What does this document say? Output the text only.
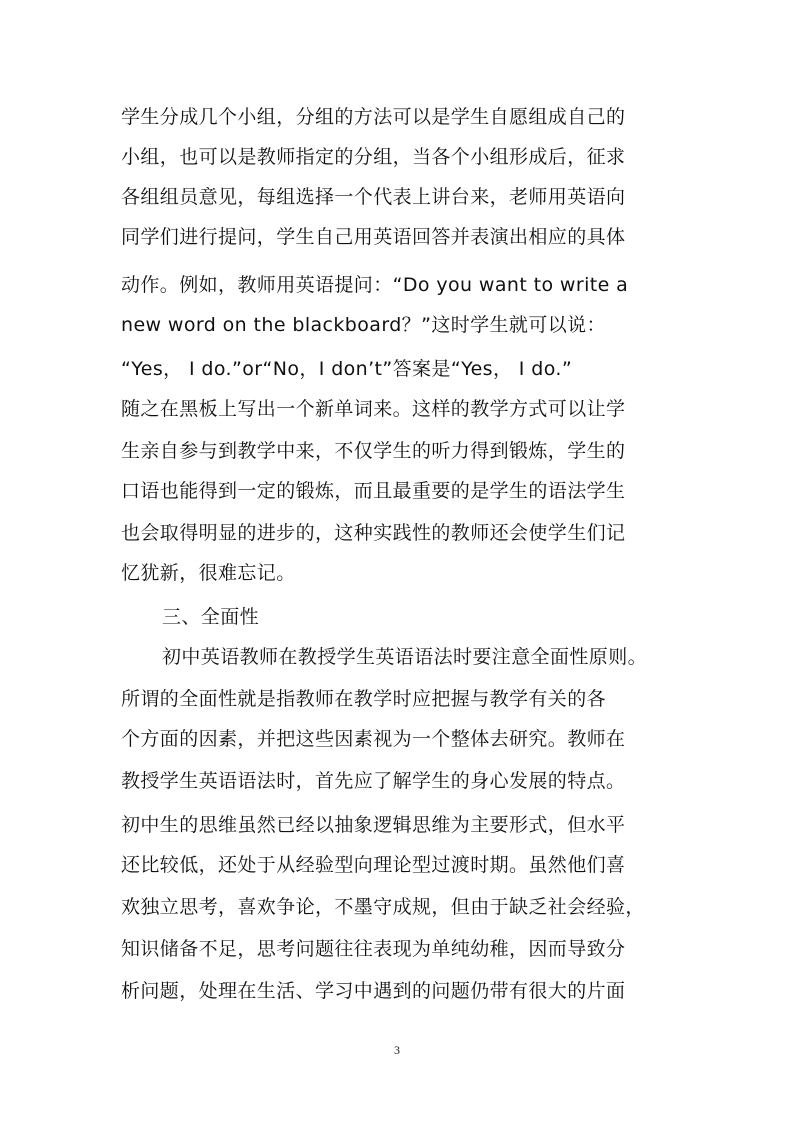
学生分成几个小组，分组的方法可以是学生自愿组成自己的
小组，也可以是教师指定的分组，当各个小组形成后，征求
各组组员意见，每组选择一个代表上讲台来，老师用英语向
同学们进行提问，学生自己用英语回答并表演出相应的具体
动作。例如，教师用英语提问：“Do you want to write a
new word on the blackboard？”这时学生就可以说：
“Yes， I do.”or“No，I don’t”答案是“Yes， I do.”
随之在黑板上写出一个新单词来。这样的教学方式可以让学
生亲自参与到教学中来，不仅学生的听力得到锻炼，学生的
口语也能得到一定的锻炼，而且最重要的是学生的语法学生
也会取得明显的进步的，这种实践性的教师还会使学生们记
忆犹新，很难忘记。
三、全面性
初中英语教师在教授学生英语语法时要注意全面性原则。
所谓的全面性就是指教师在教学时应把握与教学有关的各
个方面的因素，并把这些因素视为一个整体去研究。教师在
教授学生英语语法时，首先应了解学生的身心发展的特点。
初中生的思维虽然已经以抽象逻辑思维为主要形式，但水平
还比较低，还处于从经验型向理论型过渡时期。虽然他们喜
欢独立思考，喜欢争论，不墨守成规，但由于缺乏社会经验，
知识储备不足，思考问题往往表现为单纯幼稚，因而导致分
析问题，处理在生活、学习中遇到的问题仍带有很大的片面
3
